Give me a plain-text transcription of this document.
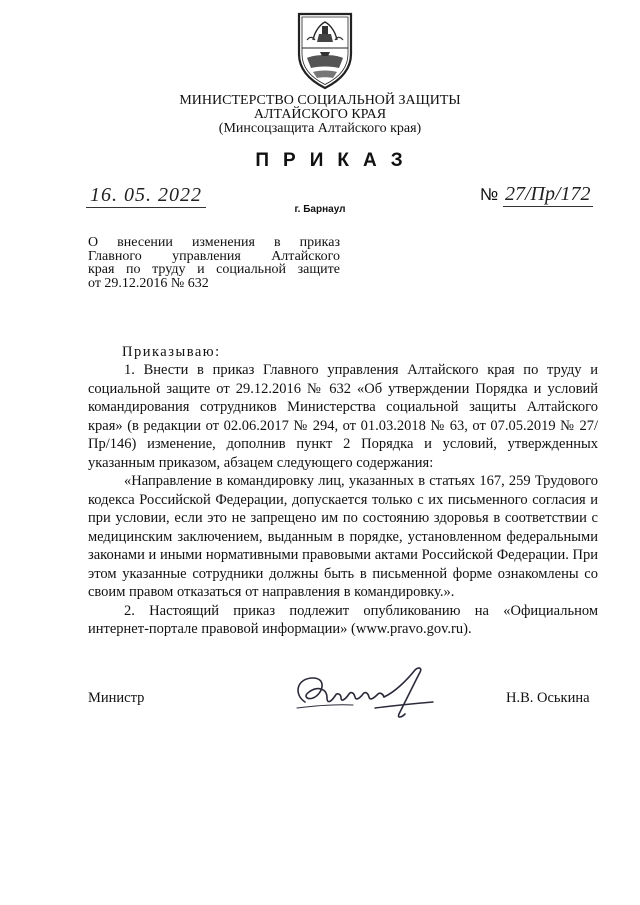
МИНИСТЕРСТВО СОЦИАЛЬНОЙ ЗАЩИТЫ
АЛТАЙСКОГО КРАЯ
(Минсоцзащита Алтайского края)
ПРИКАЗ
16. 05. 2022	№ 27/Пр/172
г. Барнаул
О внесении изменения в приказ
Главного управления Алтайского
края по труду и социальной защите
от 29.12.2016 № 632
Приказываю:

1. Внести в приказ Главного управления Алтайского края по труду и социальной защите от 29.12.2016 № 632 «Об утверждении Порядка и условий командирования сотрудников Министерства социальной защиты Алтайского края» (в редакции от 02.06.2017 № 294, от 01.03.2018 № 63, от 07.05.2019 № 27/Пр/146) изменение, дополнив пункт 2 Порядка и условий, утвержденных указанным приказом, абзацем следующего содержания:

«Направление в командировку лиц, указанных в статьях 167, 259 Трудового кодекса Российской Федерации, допускается только с их письменного согласия и при условии, если это не запрещено им по состоянию здоровья в соответствии с медицинским заключением, выданным в порядке, установленном федеральными законами и иными нормативными правовыми актами Российской Федерации. При этом указанные сотрудники должны быть в письменной форме ознакомлены со своим правом отказаться от направления в командировку.».

2. Настоящий приказ подлежит опубликованию на «Официальном интернет-портале правовой информации» (www.pravo.gov.ru).

Министр	Н.В. Оськина
